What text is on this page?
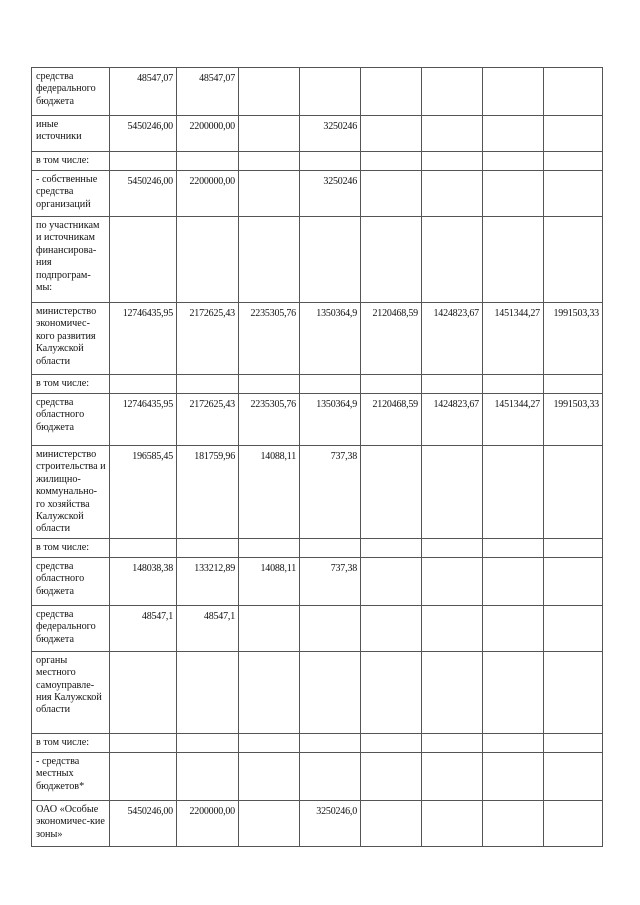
средства федерального бюджета	48547,07	48547,07						
иные источники	5450246,00	2200000,00		3250246				
в том числе:								
- собственные средства организаций	5450246,00	2200000,00		3250246				
по участникам и источникам финансирова-ния подпрограм-мы:								
министерство экономичес-кого развития Калужской области	12746435,95	2172625,43	2235305,76	1350364,9	2120468,59	1424823,67	1451344,27	1991503,33
в том числе:								
средства областного бюджета	12746435,95	2172625,43	2235305,76	1350364,9	2120468,59	1424823,67	1451344,27	1991503,33
министерство строительства и жилищно-коммунально-го хозяйства Калужской области	196585,45	181759,96	14088,11	737,38				
в том числе:								
средства областного бюджета	148038,38	133212,89	14088,11	737,38				
средства федерального бюджета	48547,1	48547,1						
органы местного самоуправле-ния Калужской области								
в том числе:								
- средства местных бюджетов*								
ОАО «Особые экономичес-кие зоны»	5450246,00	2200000,00		3250246,0				
